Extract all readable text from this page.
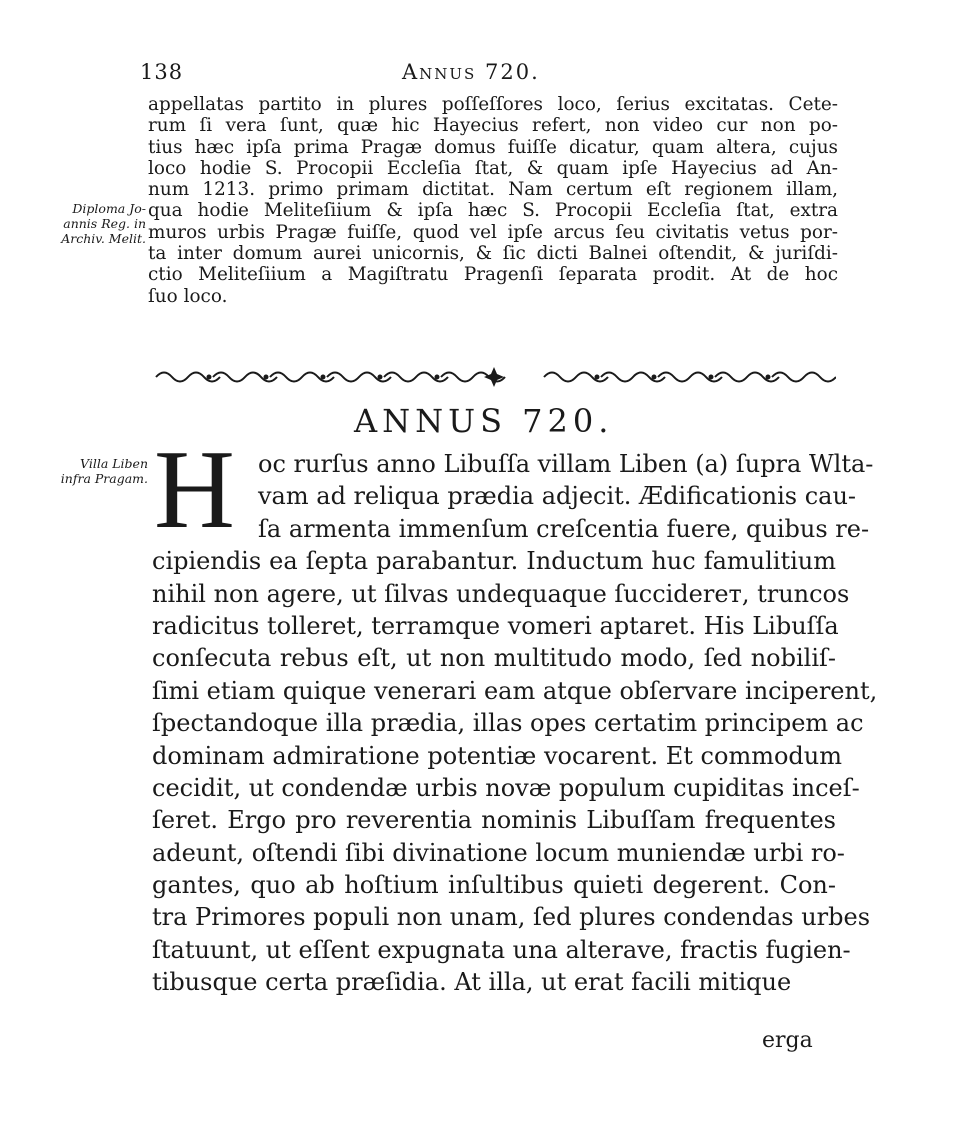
138	Annus 720.
appellatas partito in plures poſſeſſores loco, ſerius excitatas. Cete-
rum ſi vera ſunt, quæ hic Hayecius refert, non video cur non po-
tius hæc ipſa prima Pragæ domus fuiſſe dicatur, quam altera, cujus
loco hodie S. Procopii Eccleſia ſtat, & quam ipſe Hayecius ad An-
num 1213. primo primam dictitat. Nam certum eſt regionem illam,
qua hodie Meliteſiium & ipſa hæc S. Procopii Eccleſia ſtat, extra
muros urbis Pragæ fuiſſe, quod vel ipſe arcus ſeu civitatis vetus por-
ta inter domum aurei unicornis, & ſic dicti Balnei oſtendit, & juriſdi-
ctio Meliteſiium a Magiſtratu Pragenſi ſeparata prodit. At de hoc
ſuo loco.
Diploma Jo-
annis Reg. in
Archiv. Melit.
ANNUS 720.
Villa Liben
infra Pragam. H oc rurſus anno Libuſſa villam Liben (a) ſupra Wlta-
vam ad reliqua prædia adjecit. Ædificationis cau-
ſa armenta immenſum creſcentia fuere, quibus re-
cipiendis ea ſepta parabantur. Inductum huc famulitium
nihil non agere, ut ſilvas undequaque ſucciderет, truncos
radicitus tolleret, terramque vomeri aptaret. His Libuſſa
conſecuta rebus eſt, ut non multitudo modo, ſed nobiliſ-
ſimi etiam quique venerari eam atque obſervare inciperent,
ſpectandoque illa prædia, illas opes certatim principem ac
dominam admiratione potentiæ vocarent. Et commodum
cecidit, ut condendæ urbis novæ populum cupiditas inceſ-
ſeret. Ergo pro reverentia nominis Libuſſam frequentes
adeunt, oſtendi ſibi divinatione locum muniendæ urbi ro-
gantes, quo ab hoſtium inſultibus quieti degerent. Con-
tra Primores populi non unam, ſed plures condendas urbes
ſtatuunt, ut eſſent expugnata una alterave, fractis fugien-
tibusque certa præſidia. At illa, ut erat facili mitique
erga
